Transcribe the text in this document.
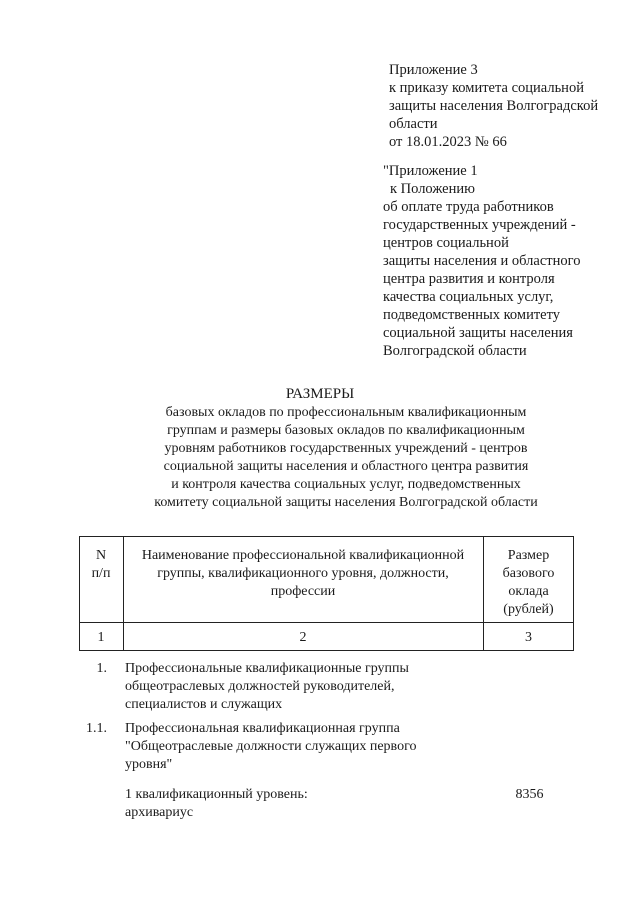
Приложение 3
к приказу комитета социальной
защиты населения Волгоградской
области
от 18.01.2023 № 66
"Приложение 1
к Положению
об оплате труда работников
государственных учреждений -
центров социальной
защиты населения и областного
центра развития и контроля
качества социальных услуг,
подведомственных комитету
социальной защиты населения
Волгоградской области
РАЗМЕРЫ
базовых окладов по профессиональным квалификационным
группам и размеры базовых окладов по квалификационным
уровням работников государственных учреждений - центров
социальной защиты населения и областного центра развития
и контроля качества социальных услуг, подведомственных
комитету социальной защиты населения Волгоградской области
N
п/п
Наименование профессиональной квалификационной
группы, квалификационного уровня, должности,
профессии
Размер
базового
оклада
(рублей)
1	2	3
1. Профессиональные квалификационные группы
общеотраслевых должностей руководителей,
специалистов и служащих
1.1. Профессиональная квалификационная группа
"Общеотраслевые должности служащих первого
уровня"
1 квалификационный уровень:
архивариус
8356
